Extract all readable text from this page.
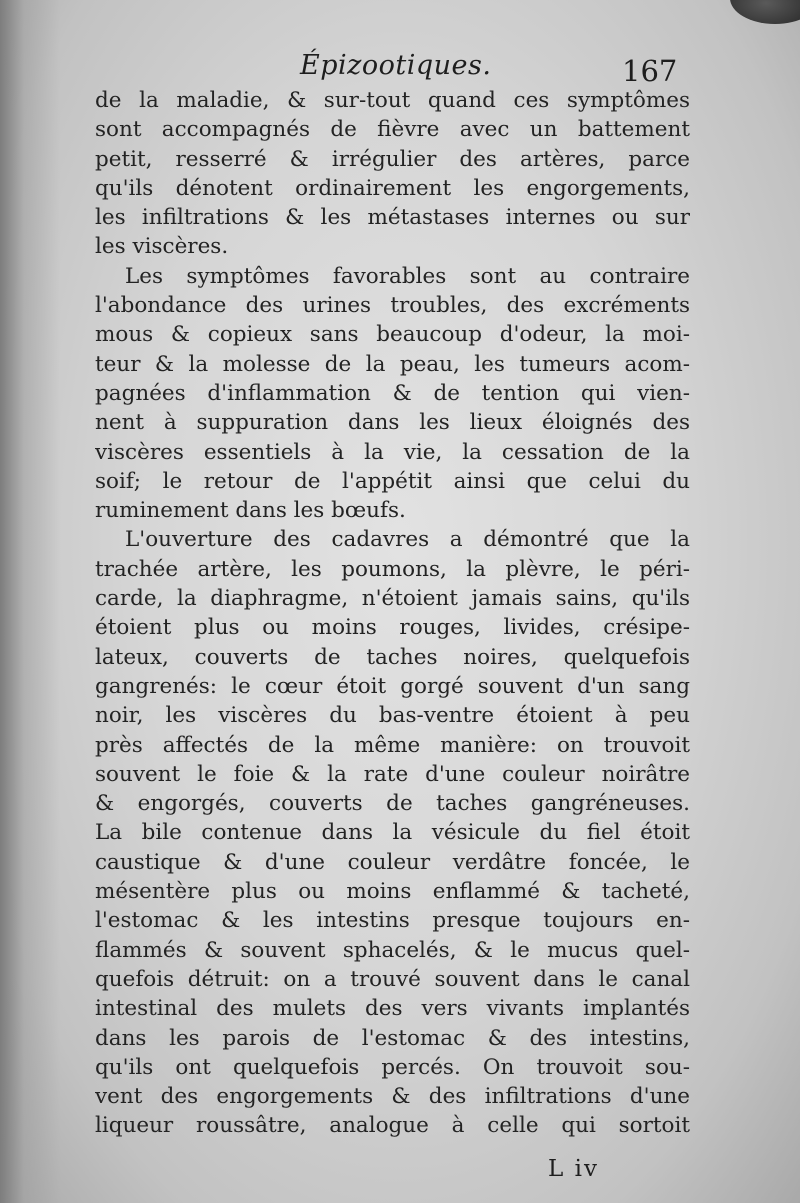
Épizootiques.	167
de la maladie, & sur-tout quand ces symptômes
sont accompagnés de fièvre avec un battement
petit, resserré & irrégulier des artères, parce
qu'ils dénotent ordinairement les engorgements,
les infiltrations & les métastases internes ou sur
les viscères.
Les symptômes favorables sont au contraire
l'abondance des urines troubles, des excréments
mous & copieux sans beaucoup d'odeur, la moi-
teur & la molesse de la peau, les tumeurs acom-
pagnées d'inflammation & de tention qui vien-
nent à suppuration dans les lieux éloignés des
viscères essentiels à la vie, la cessation de la
soif; le retour de l'appétit ainsi que celui du
ruminement dans les bœufs.
L'ouverture des cadavres a démontré que la
trachée artère, les poumons, la plèvre, le péri-
carde, la diaphragme, n'étoient jamais sains, qu'ils
étoient plus ou moins rouges, livides, crésipe-
lateux, couverts de taches noires, quelquefois
gangrenés: le cœur étoit gorgé souvent d'un sang
noir, les viscères du bas-ventre étoient à peu
près affectés de la même manière: on trouvoit
souvent le foie & la rate d'une couleur noirâtre
& engorgés, couverts de taches gangréneuses.
La bile contenue dans la vésicule du fiel étoit
caustique & d'une couleur verdâtre foncée, le
mésentère plus ou moins enflammé & tacheté,
l'estomac & les intestins presque toujours en-
flammés & souvent sphacelés, & le mucus quel-
quefois détruit: on a trouvé souvent dans le canal
intestinal des mulets des vers vivants implantés
dans les parois de l'estomac & des intestins,
qu'ils ont quelquefois percés. On trouvoit sou-
vent des engorgements & des infiltrations d'une
liqueur roussâtre, analogue à celle qui sortoit
L iv
